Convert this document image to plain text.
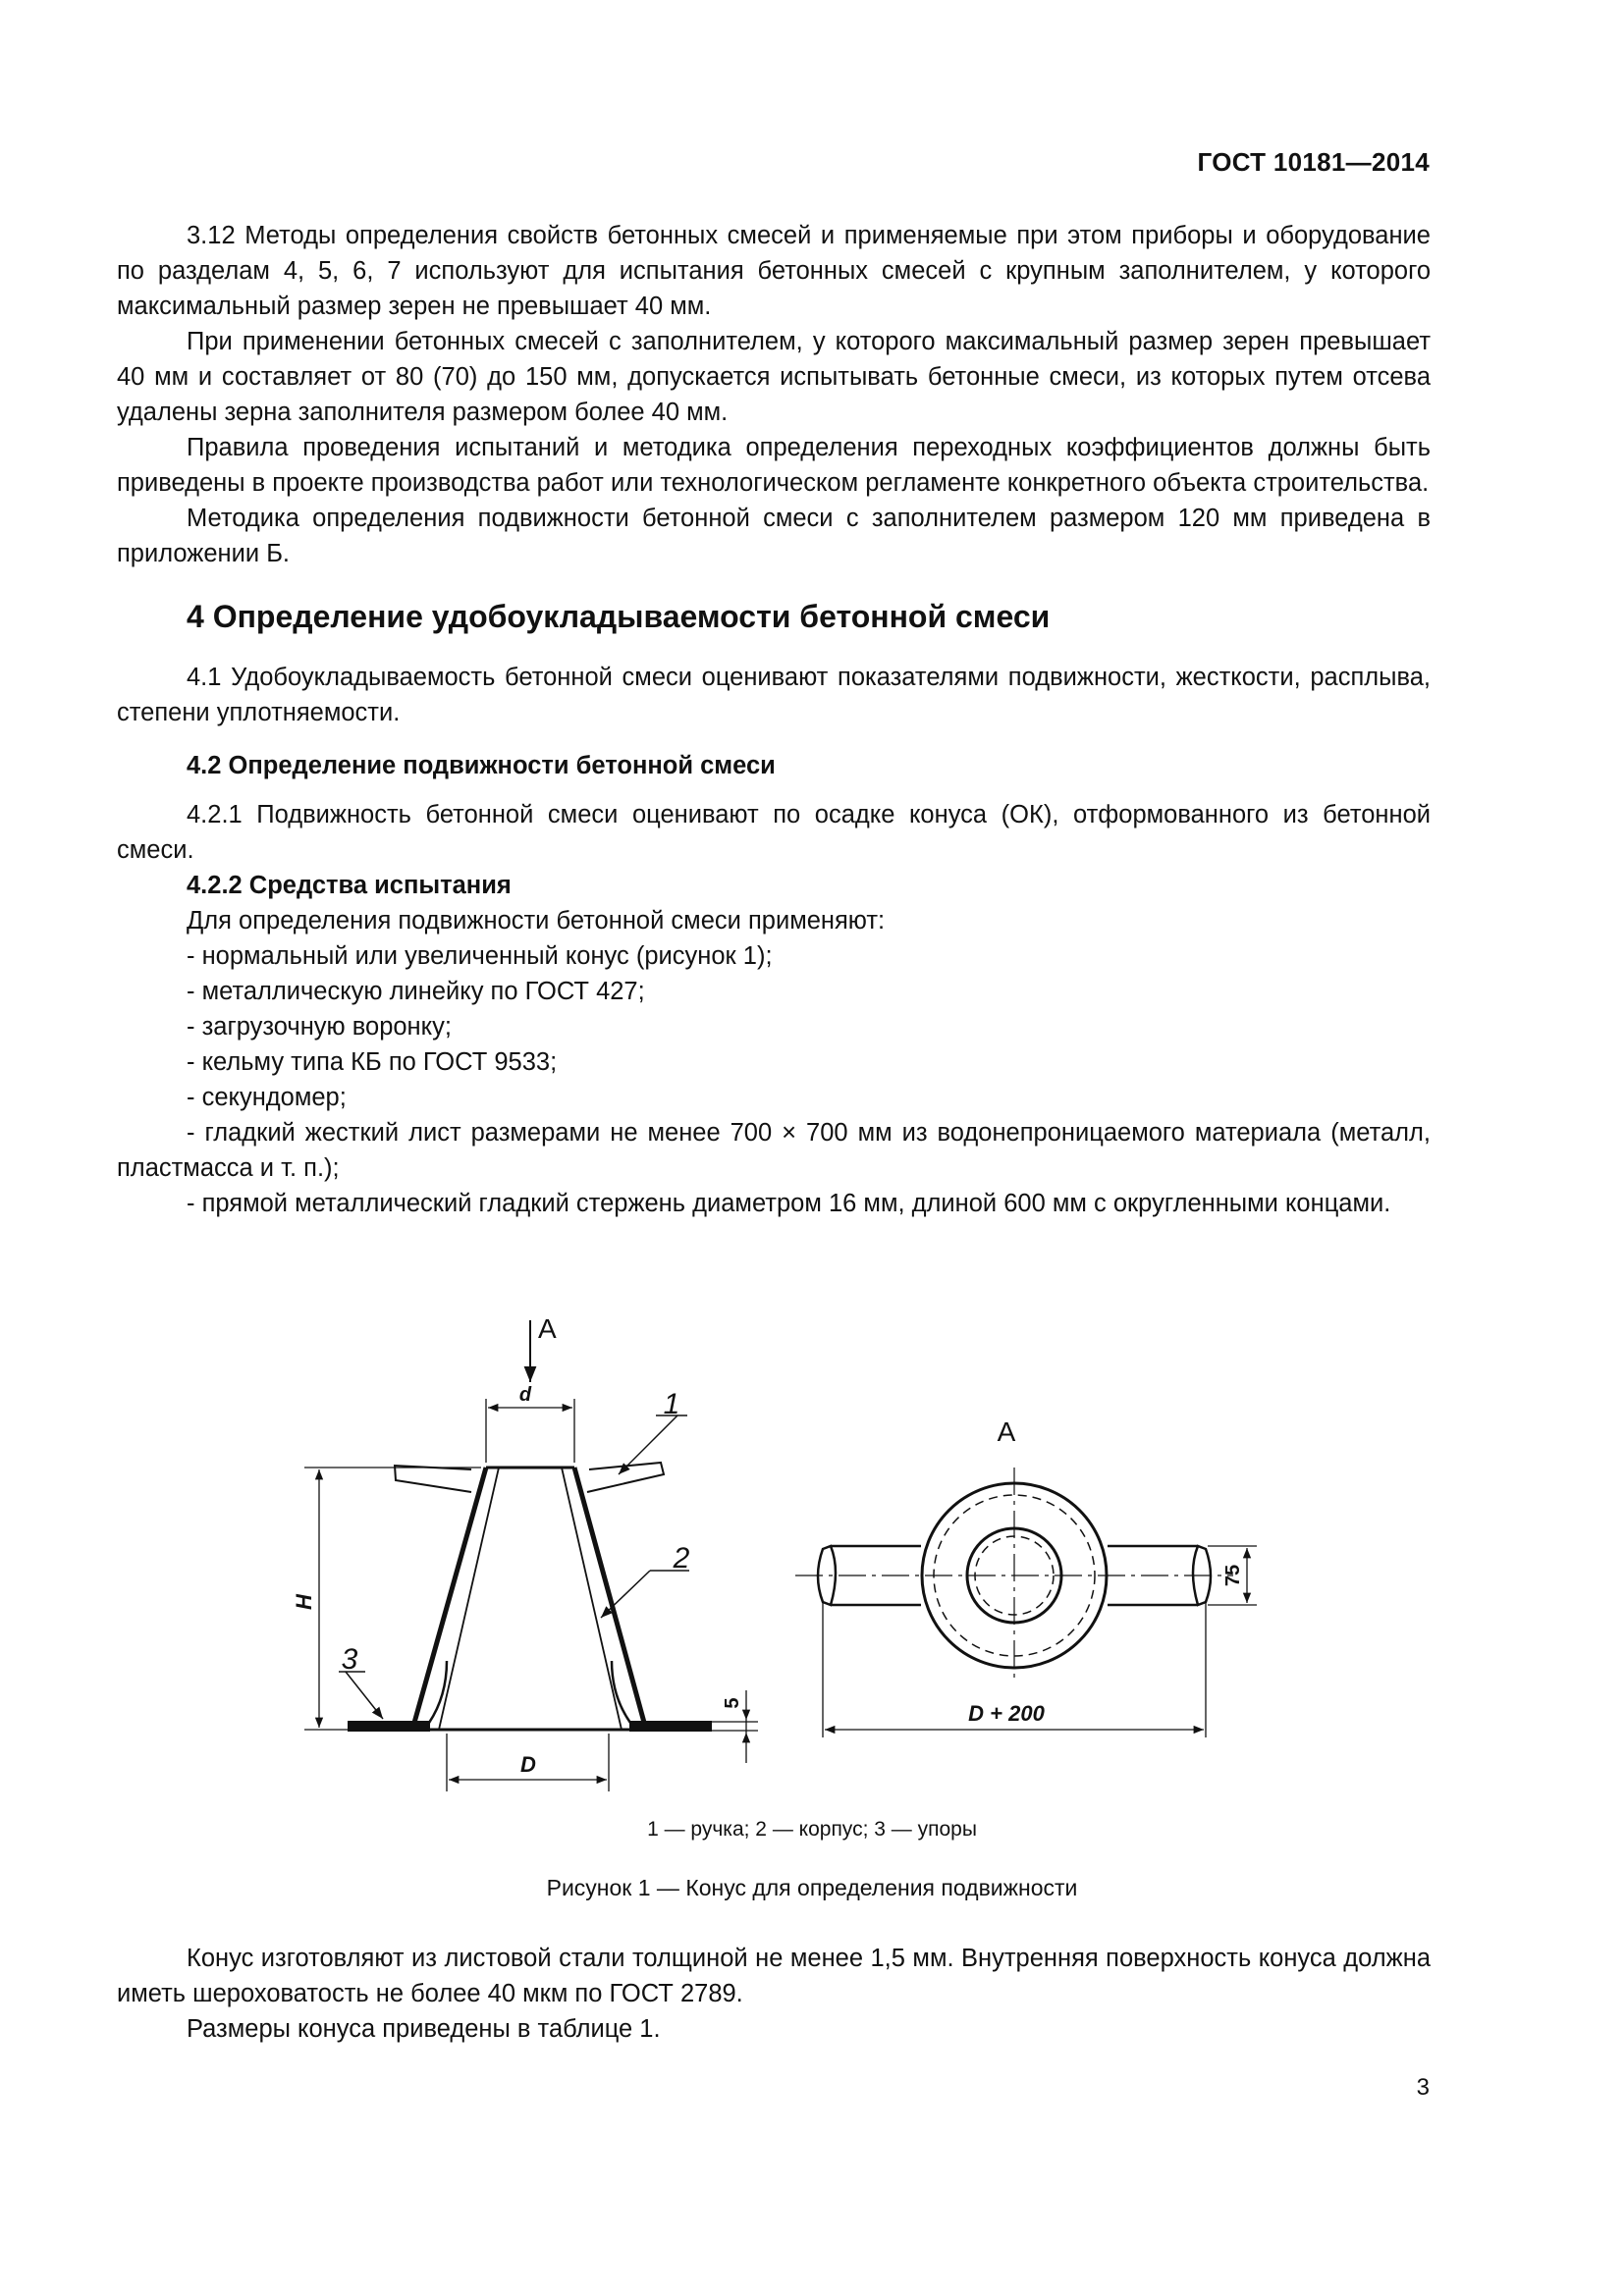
ГОСТ 10181—2014

3.12 Методы определения свойств бетонных смесей и применяемые при этом приборы и оборудование по разделам 4, 5, 6, 7 используют для испытания бетонных смесей с крупным заполнителем, у которого максимальный размер зерен не превышает 40 мм.

При применении бетонных смесей с заполнителем, у которого максимальный размер зерен превышает 40 мм и составляет от 80 (70) до 150 мм, допускается испытывать бетонные смеси, из которых путем отсева удалены зерна заполнителя размером более 40 мм.

Правила проведения испытаний и методика определения переходных коэффициентов должны быть приведены в проекте производства работ или технологическом регламенте конкретного объекта строительства.

Методика определения подвижности бетонной смеси с заполнителем размером 120 мм приведена в приложении Б.

4 Определение удобоукладываемости бетонной смеси

4.1 Удобоукладываемость бетонной смеси оценивают показателями подвижности, жесткости, расплыва, степени уплотняемости.

4.2 Определение подвижности бетонной смеси

4.2.1 Подвижность бетонной смеси оценивают по осадке конуса (ОК), отформованного из бетонной смеси.

4.2.2 Средства испытания

Для определения подвижности бетонной смеси применяют:

- нормальный или увеличенный конус (рисунок 1);

- металлическую линейку по ГОСТ 427;

- загрузочную воронку;

- кельму типа КБ по ГОСТ 9533;

- секундомер;

- гладкий жесткий лист размерами не менее 700 × 700 мм из водонепроницаемого материала (металл, пластмасса и т. п.);

- прямой металлический гладкий стержень диаметром 16 мм, длиной 600 мм с округленными концами.

A
d
H
D
5
1
2
3
A
75
D + 200
1 — ручка; 2 — корпус; 3 — упоры
Рисунок 1 — Конус для определения подвижности

Конус изготовляют из листовой стали толщиной не менее 1,5 мм. Внутренняя поверхность конуса должна иметь шероховатость не более 40 мкм по ГОСТ 2789.

Размеры конуса приведены в таблице 1.

3
